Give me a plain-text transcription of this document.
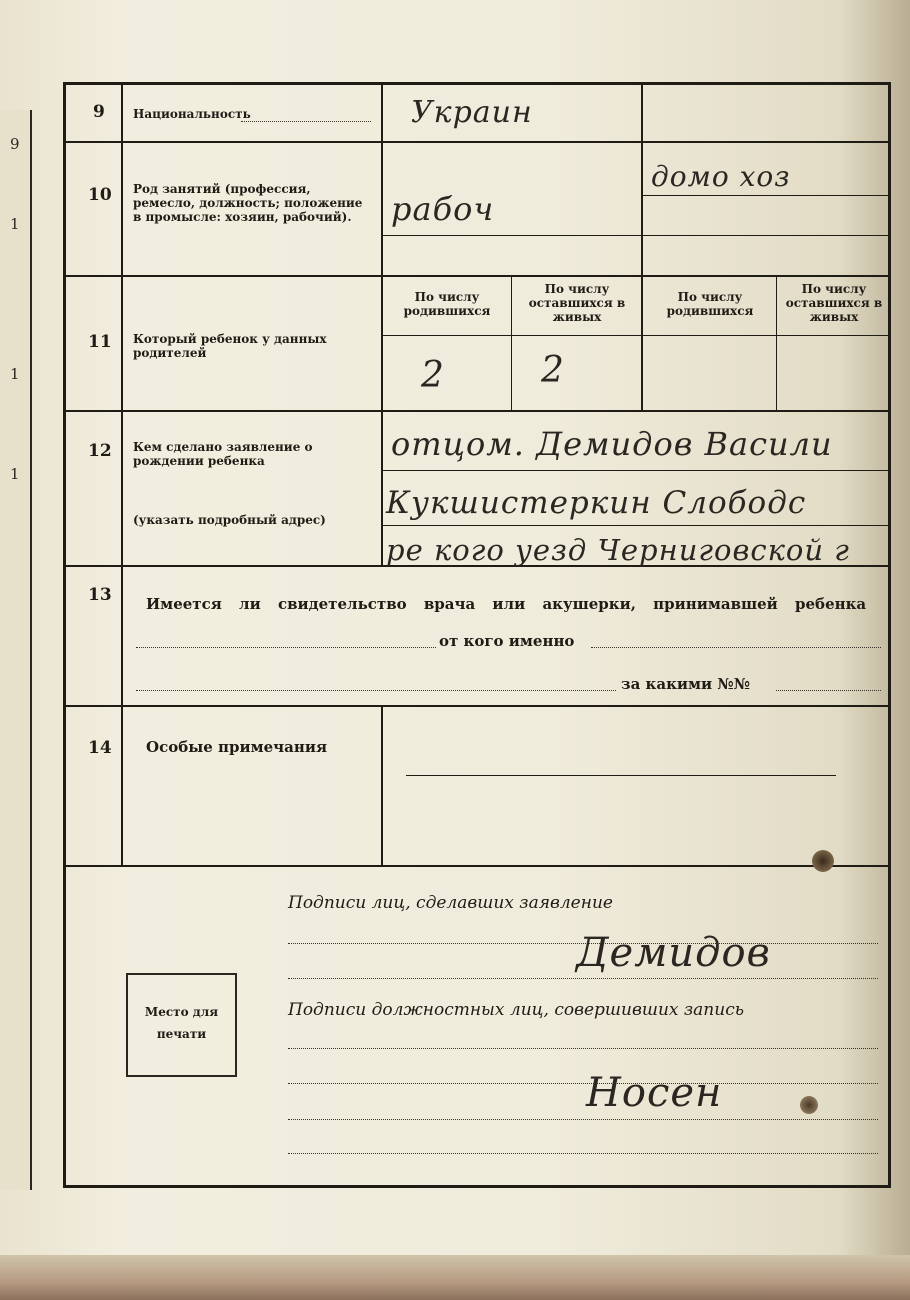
9
1
1
1
9
10
11
12
13
14
Национальность
Род занятий (профессия, ремесло, должность; положение в промысле: хозяин, рабочий).
Который ребенок у данных родителей
Кем сделано заявление о рождении ребенка
(указать подробный адрес)
По числу родившихся
По числу оставшихся в живых
По числу родившихся
По числу оставшихся в живых
Имеется ли свидетельство врача или акушерки, принимавшей ребенка
от кого именно
за какими №№
Особые примечания
Украин
рабоч
домо хоз
2	2
отцом. Демидов Васили
Кукшистеркин Слободс
ре кого уезд Черниговской г
Подписи лиц, сделавших заявление
Демидов
Подписи должностных лиц, совершивших запись
Носен
Место для
печати
